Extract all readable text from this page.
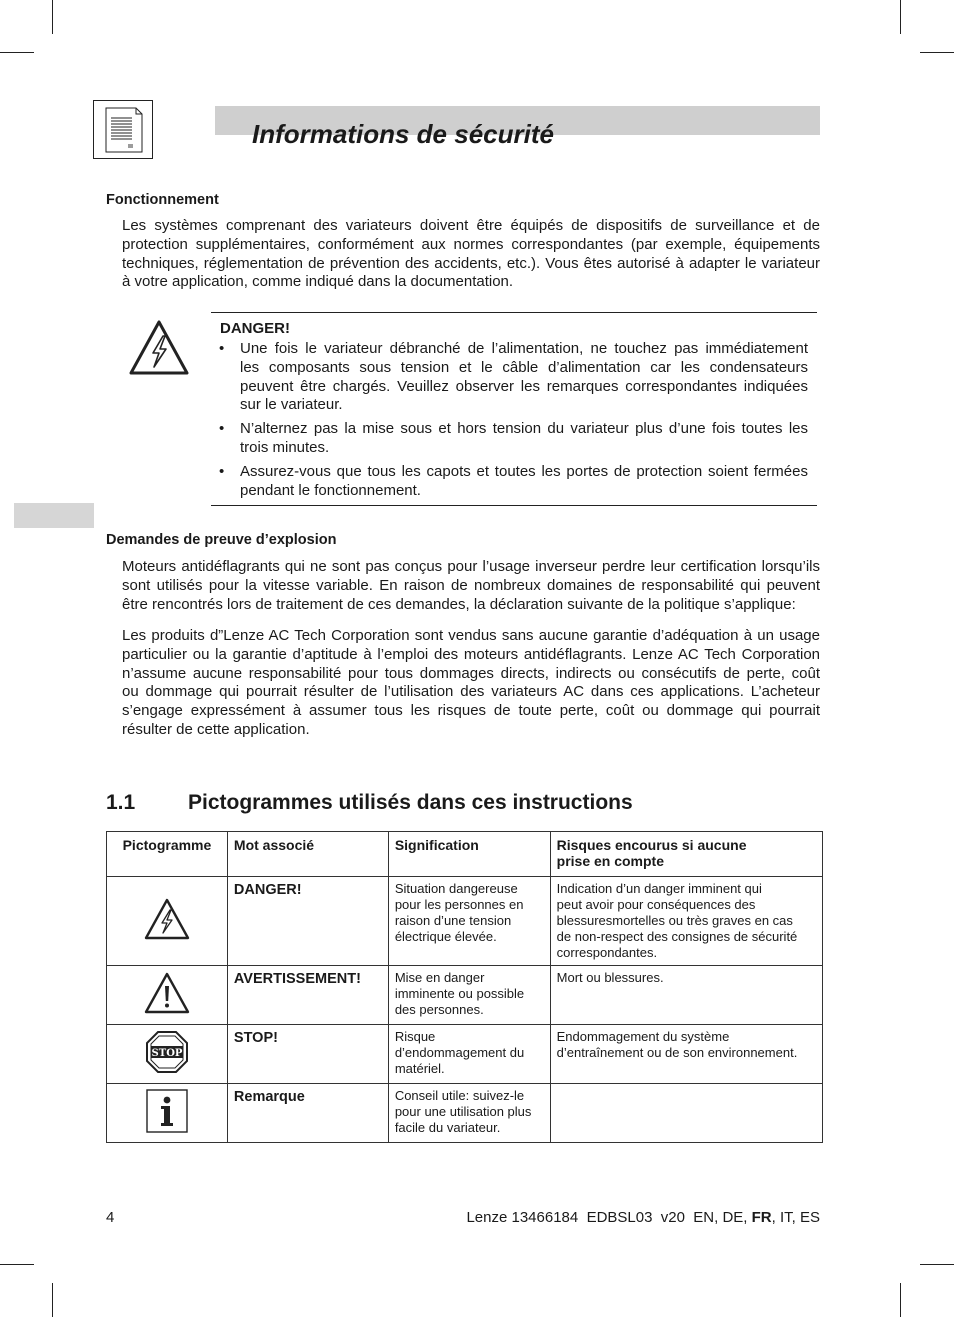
Informations de sécurité
Fonctionnement
Les systèmes comprenant des variateurs doivent être équipés de dispositifs de surveillance et de
protection supplémentaires, conformément aux normes correspondantes (par exemple, équipements
techniques, réglementation de prévention des accidents, etc.). Vous êtes autorisé à adapter le variateur
à votre application, comme indiqué dans la documentation.
DANGER!
•	Une fois le variateur débranché de l’alimentation, ne touchez pas immédiatement
les composants sous tension et le câble d’alimentation car les condensateurs
peuvent être chargés. Veuillez observer les remarques correspondantes indiquées
sur le variateur.
•	N’alternez pas la mise sous et hors tension du variateur plus d’une fois toutes les
trois minutes.
•	Assurez-vous que tous les capots et toutes les portes de protection soient fermées
pendant le fonctionnement.
Demandes de preuve d’explosion
Moteurs antidéflagrants qui ne sont pas conçus pour l’usage inverseur perdre leur certification lorsqu’ils
sont utilisés pour la vitesse variable. En raison de nombreux domaines de responsabilité qui peuvent
être rencontrés lors de traitement de ces demandes, la déclaration suivante de la politique s’applique:
Les produits d”Lenze AC Tech Corporation sont vendus sans aucune garantie d’adéquation à un usage
particulier ou la garantie d’aptitude à l’emploi des moteurs antidéflagrants. Lenze AC Tech Corporation
n’assume aucune responsabilité pour tous dommages directs, indirects ou consécutifs de perte, coût
ou dommage qui pourrait résulter de l’utilisation des variateurs AC dans ces applications. L’acheteur
s’engage expressément à assumer tous les risques de toute perte, coût ou dommage qui pourrait
résulter de cette application.
1.1	Pictogrammes utilisés dans ces instructions
Pictogramme	Mot associé	Signification	Risques encourus si aucune
prise en compte
	DANGER!	Situation dangereuse
pour les personnes en
raison d’une tension
électrique élevée.	Indication d’un danger imminent qui
peut avoir pour conséquences des
blessuresmortelles ou très graves en cas
de non-respect des consignes de sécurité
correspondantes.
	AVERTISSEMENT!	Mise en danger
imminente ou possible
des personnes.	Mort ou blessures.

STOP	STOP!	Risque
d’endommagement du
matériel.	Endommagement du système
d’entraînement ou de son environnement.
	Remarque	Conseil utile: suivez-le
pour une utilisation plus
facile du variateur.	
4	Lenze 13466184  EDBSL03  v20  EN, DE, FR, IT, ES
